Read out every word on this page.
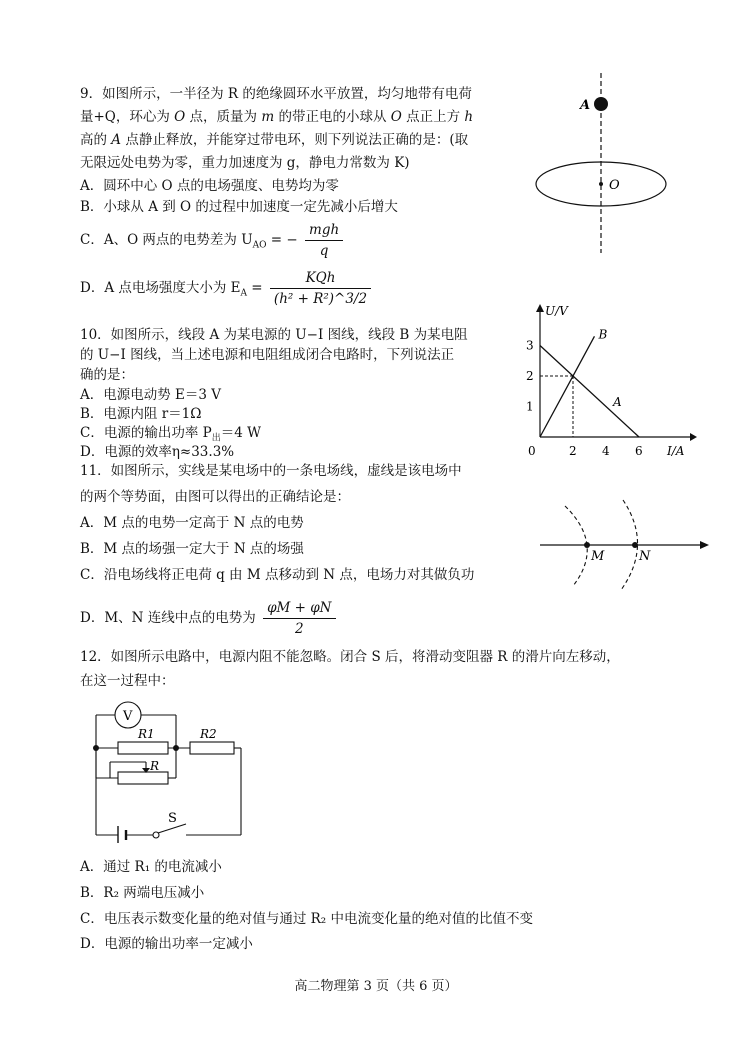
9．如图所示，一半径为 R 的绝缘圆环水平放置，均匀地带有电荷
量+Q，环心为 O 点，质量为 m 的带正电的小球从 O 点正上方 h
高的 A 点静止释放，并能穿过带电环，则下列说法正确的是：(取
无限远处电势为零，重力加速度为 g，静电力常数为 K)
A．圆环中心 O 点的电场强度、电势均为零
B．小球从 A 到 O 的过程中加速度一定先减小后增大
C．A、O 两点的电势差为 $U_{AO}$ = − $\frac{\text{mgh}}{q}$
D．A 点电场强度大小为 $E_A = \frac{\text{KQh}}{\text{(h² + R²)\textasciicircum{}3/2}}$
A
O
10．如图所示，线段 A 为某电源的 U−I 图线，线段 B 为某电阻
的 U−I 图线，当上述电源和电阻组成闭合电路时，下列说法正
确的是：
A．电源电动势 E＝3 V
B．电源内阻 r＝1Ω
C．电源的输出功率 $P_出=4$ W
D．电源的效率η≈33.3%
U/V
I/A
0	2 4 6
1
2
3
A
B
11．如图所示，实线是某电场中的一条电场线，虚线是该电场中
的两个等势面，由图可以得出的正确结论是：
A．M 点的电势一定高于 N 点的电势
B．M 点的场强一定大于 N 点的场强
C．沿电场线将正电荷 q 由 M 点移动到 N 点，电场力对其做负功
D．M、N 连线中点的电势为 $\frac{\varphi M + \varphi N}{2}$
M	N
12．如图所示电路中，电源内阻不能忽略。闭合 S 后，将滑动变阻器 R 的滑片向左移动，
在这一过程中：
V
R1	R2
R
S
A．通过 R₁ 的电流减小
B．R₂ 两端电压减小
C．电压表示数变化量的绝对值与通过 R₂ 中电流变化量的绝对值的比值不变
D．电源的输出功率一定减小
高二物理第 3 页（共 6 页）
